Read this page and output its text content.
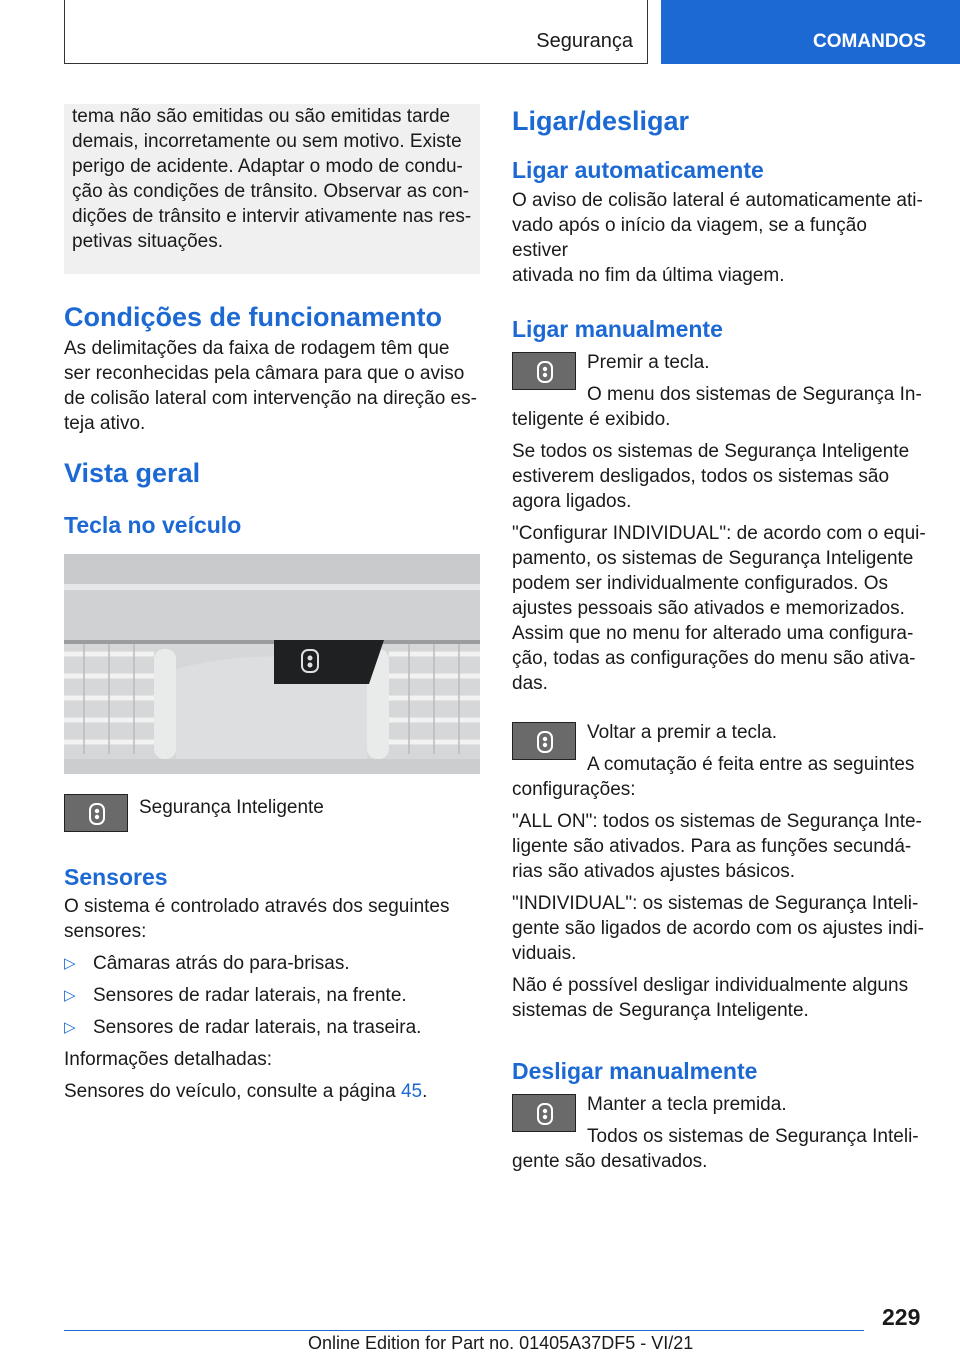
Segurança	COMANDOS

tema não são emitidas ou são emitidas tarde

demais, incorretamente ou sem motivo. Existe

perigo de acidente. Adaptar o modo de condu-

ção às condições de trânsito. Observar as con-

dições de trânsito e intervir ativamente nas res-

petivas situações.

Condições de funcionamento

As delimitações da faixa de rodagem têm que

ser reconhecidas pela câmara para que o aviso

de colisão lateral com intervenção na direção es-

teja ativo.

Vista geral
Tecla no veículo

Segurança Inteligente

Sensores

O sistema é controlado através dos seguintes

sensores:

▷ Câmaras atrás do para-brisas.
▷ Sensores de radar laterais, na frente.
▷ Sensores de radar laterais, na traseira.

Informações detalhadas:

Sensores do veículo, consulte a página 45.

Ligar/desligar
Ligar automaticamente

O aviso de colisão lateral é automaticamente ati-

vado após o início da viagem, se a função estiver

ativada no fim da última viagem.

Ligar manualmente

Premir a tecla.

O menu dos sistemas de Segurança In-

teligente é exibido.

Se todos os sistemas de Segurança Inteligente

estiverem desligados, todos os sistemas são

agora ligados.

"Configurar INDIVIDUAL": de acordo com o equi-

pamento, os sistemas de Segurança Inteligente

podem ser individualmente configurados. Os

ajustes pessoais são ativados e memorizados.

Assim que no menu for alterado uma configura-

ção, todas as configurações do menu são ativa-

das.

Voltar a premir a tecla.

A comutação é feita entre as seguintes

configurações:

"ALL ON": todos os sistemas de Segurança Inte-

ligente são ativados. Para as funções secundá-

rias são ativados ajustes básicos.

"INDIVIDUAL": os sistemas de Segurança Inteli-

gente são ligados de acordo com os ajustes indi-

viduais.

Não é possível desligar individualmente alguns

sistemas de Segurança Inteligente.

Desligar manualmente

Manter a tecla premida.

Todos os sistemas de Segurança Inteli-

gente são desativados.

229
Online Edition for Part no. 01405A37DF5 - VI/21
